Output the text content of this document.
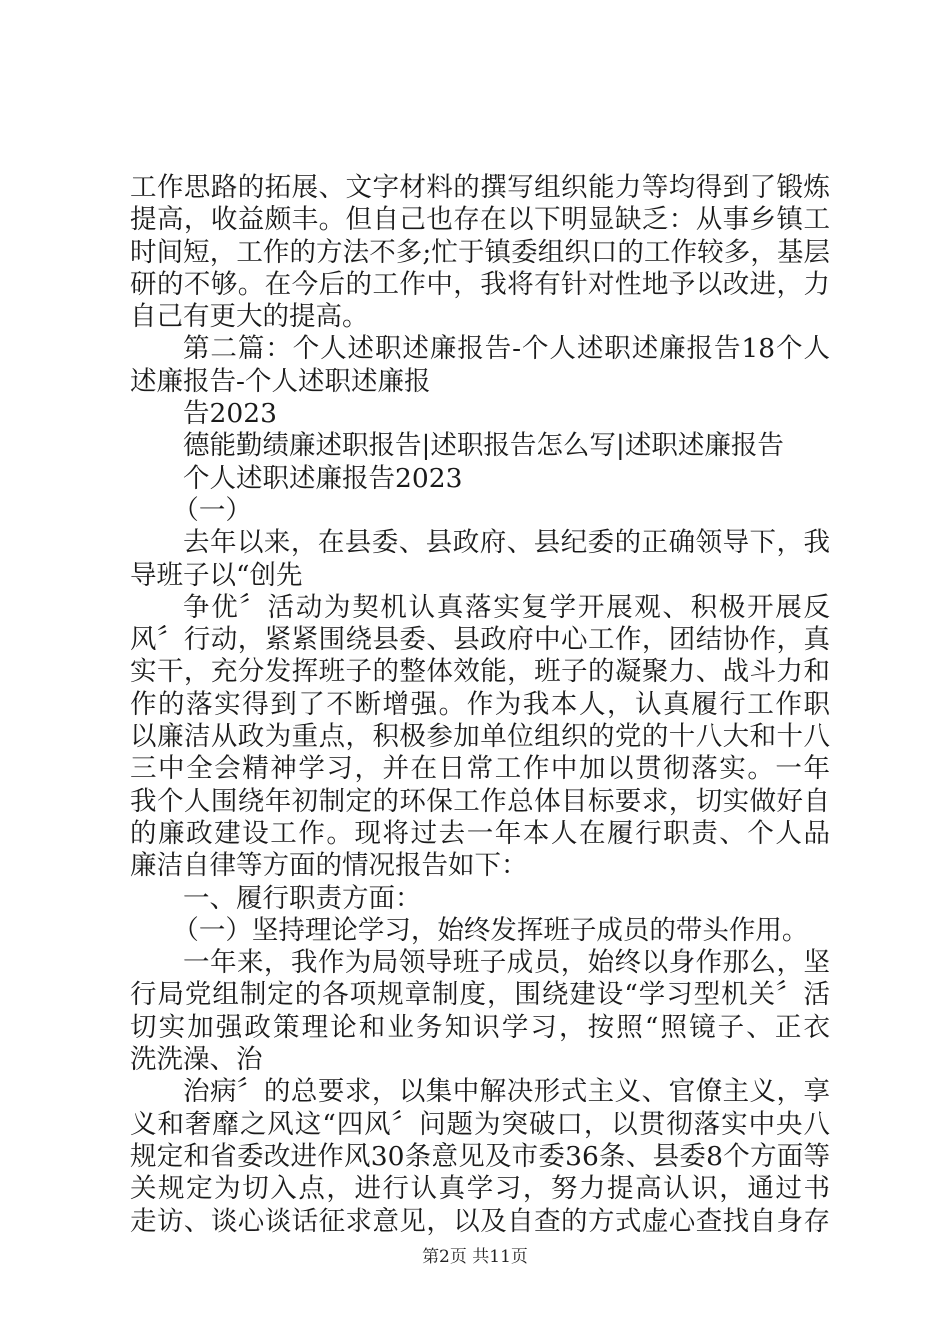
工作思路的拓展、文字材料的撰写组织能力等均得到了锻炼
提高，收益颇丰。但自己也存在以下明显缺乏：从事乡镇工
时间短，工作的方法不多;忙于镇委组织口的工作较多，基层
研的不够。在今后的工作中，我将有针对性地予以改进，力
自己有更大的提高。
第二篇：个人述职述廉报告-个人述职述廉报告18个人
述廉报告-个人述职述廉报
告2023
德能勤绩廉述职报告|述职报告怎么写|述职述廉报告
个人述职述廉报告2023
（一）
去年以来，在县委、县政府、县纪委的正确领导下，我
导班子以“创先
争优〞活动为契机认真落实复学开展观、积极开展反
风〞行动，紧紧围绕县委、县政府中心工作，团结协作，真
实干，充分发挥班子的整体效能，班子的凝聚力、战斗力和
作的落实得到了不断增强。作为我本人，认真履行工作职
以廉洁从政为重点，积极参加单位组织的党的十八大和十八
三中全会精神学习，并在日常工作中加以贯彻落实。一年
我个人围绕年初制定的环保工作总体目标要求，切实做好自
的廉政建设工作。现将过去一年本人在履行职责、个人品
廉洁自律等方面的情况报告如下：
一、履行职责方面：
（一）坚持理论学习，始终发挥班子成员的带头作用。
一年来，我作为局领导班子成员，始终以身作那么，坚
行局党组制定的各项规章制度，围绕建设“学习型机关〞活
切实加强政策理论和业务知识学习，按照“照镜子、正衣
洗洗澡、治
治病〞的总要求，以集中解决形式主义、官僚主义，享
义和奢靡之风这“四风〞问题为突破口，以贯彻落实中央八
规定和省委改进作风30条意见及市委36条、县委8个方面等
关规定为切入点，进行认真学习，努力提高认识，通过书
走访、谈心谈话征求意见，以及自查的方式虚心查找自身存
第2页 共11页
